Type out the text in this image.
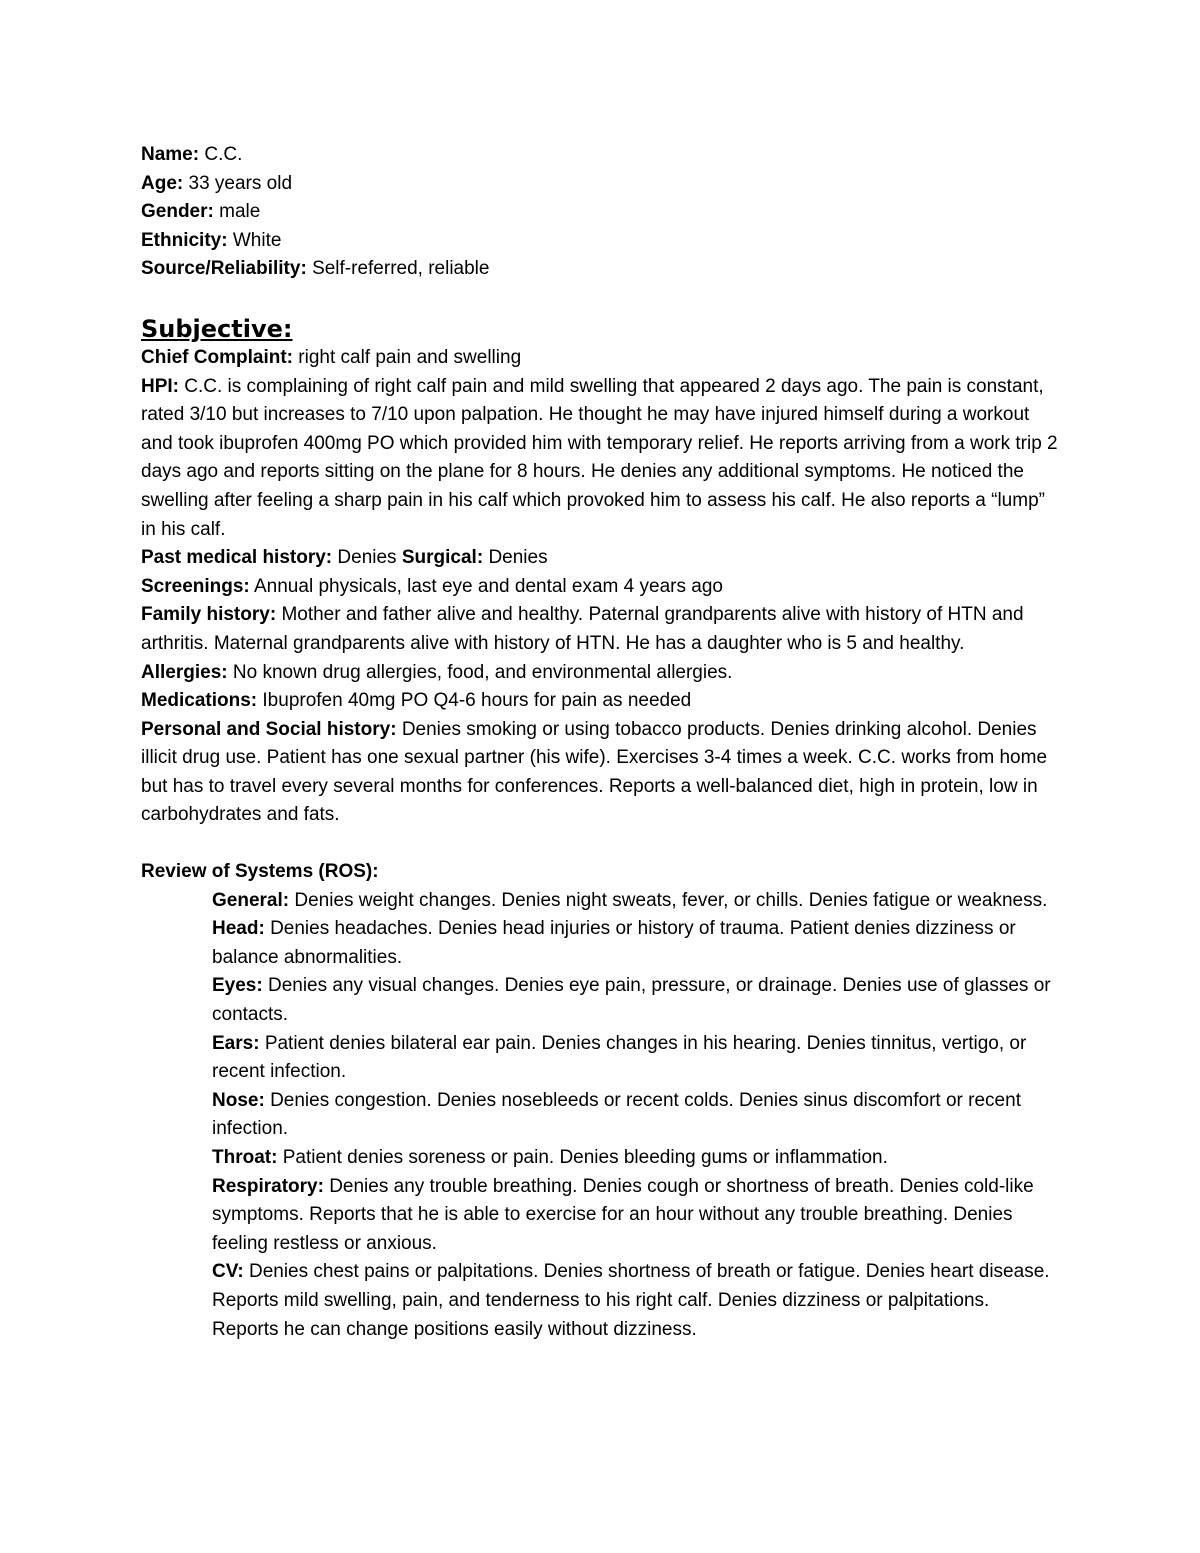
Name: C.C.

Age: 33 years old

Gender: male

Ethnicity: White

Source/Reliability: Self-referred, reliable

Subjective:

Chief Complaint: right calf pain and swelling

HPI: C.C. is complaining of right calf pain and mild swelling that appeared 2 days ago. The pain is constant, rated 3/10 but increases to 7/10 upon palpation. He thought he may have injured himself during a workout and took ibuprofen 400mg PO which provided him with temporary relief. He reports arriving from a work trip 2 days ago and reports sitting on the plane for 8 hours. He denies any additional symptoms. He noticed the swelling after feeling a sharp pain in his calf which provoked him to assess his calf. He also reports a “lump” in his calf.

Past medical history: Denies Surgical: Denies

Screenings: Annual physicals, last eye and dental exam 4 years ago

Family history: Mother and father alive and healthy. Paternal grandparents alive with history of HTN and arthritis. Maternal grandparents alive with history of HTN. He has a daughter who is 5 and healthy.

Allergies: No known drug allergies, food, and environmental allergies.

Medications: Ibuprofen 40mg PO Q4-6 hours for pain as needed

Personal and Social history: Denies smoking or using tobacco products. Denies drinking alcohol. Denies illicit drug use. Patient has one sexual partner (his wife). Exercises 3-4 times a week. C.C. works from home but has to travel every several months for conferences. Reports a well-balanced diet, high in protein, low in carbohydrates and fats.

Review of Systems (ROS):

General: Denies weight changes. Denies night sweats, fever, or chills. Denies fatigue or weakness.

Head: Denies headaches. Denies head injuries or history of trauma. Patient denies dizziness or balance abnormalities.

Eyes: Denies any visual changes. Denies eye pain, pressure, or drainage. Denies use of glasses or contacts.

Ears: Patient denies bilateral ear pain. Denies changes in his hearing. Denies tinnitus, vertigo, or recent infection.

Nose: Denies congestion. Denies nosebleeds or recent colds. Denies sinus discomfort or recent infection.

Throat: Patient denies soreness or pain. Denies bleeding gums or inflammation.

Respiratory: Denies any trouble breathing. Denies cough or shortness of breath. Denies cold-like symptoms. Reports that he is able to exercise for an hour without any trouble breathing. Denies feeling restless or anxious.

CV: Denies chest pains or palpitations. Denies shortness of breath or fatigue. Denies heart disease. Reports mild swelling, pain, and tenderness to his right calf. Denies dizziness or palpitations. Reports he can change positions easily without dizziness.
